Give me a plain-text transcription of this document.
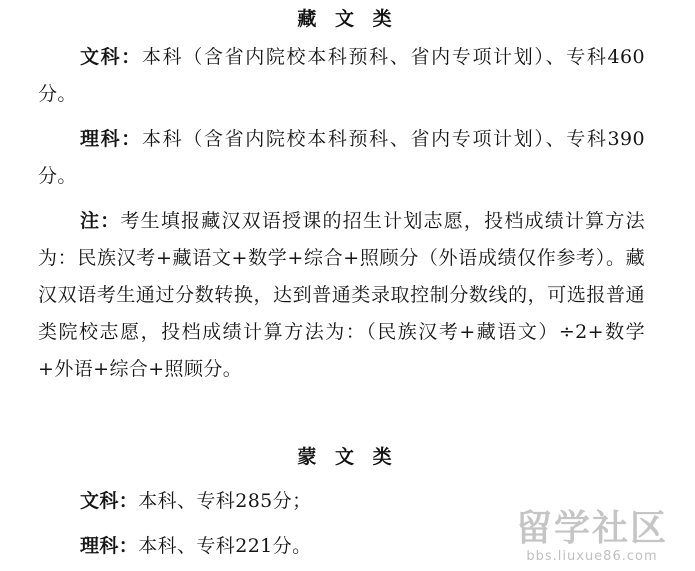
藏 文 类

文科：本科（含省内院校本科预科、省内专项计划）、专科460分。

理科：本科（含省内院校本科预科、省内专项计划）、专科390分。

注：考生填报藏汉双语授课的招生计划志愿，投档成绩计算方法为：民族汉考+藏语文+数学+综合+照顾分（外语成绩仅作参考）。藏汉双语考生通过分数转换，达到普通类录取控制分数线的，可选报普通类院校志愿，投档成绩计算方法为：（民族汉考+藏语文）÷2+数学+外语+综合+照顾分。

蒙 文 类

文科：本科、专科285分；

理科：本科、专科221分。	留学社区
bbs.liuxue86.com
